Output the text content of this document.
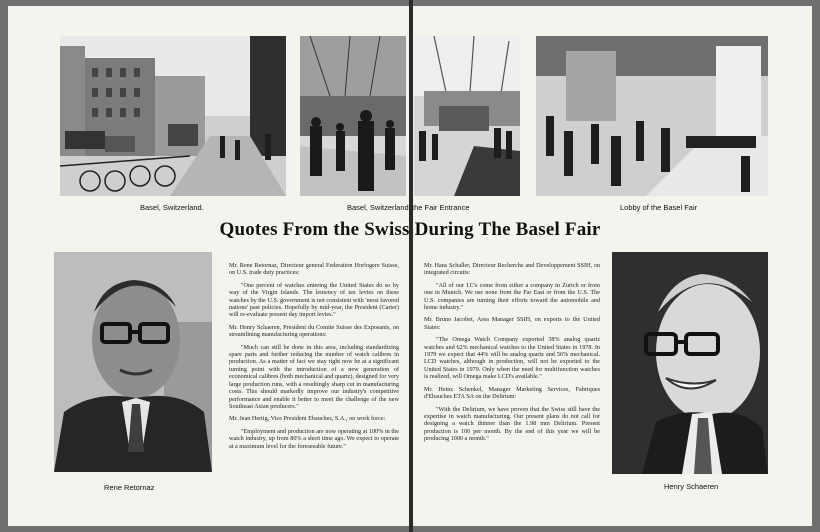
Basel, Switzerland.	Basel, Switzerland. the Fair Entrance	Lobby of the Basel Fair
Quotes From the Swiss During The Basel Fair
Rene Retornaz	Henry Schaeren

Mr. Rene Retornaz, Directeur general Federation Horlogere Suisse, on U.S. trade duty practices:

"One percent of watches entering the United States do so by way of the Virgin Islands. The leniency of tax levies on these watches by the U.S. government is not consistent with 'most favored nations' past policies. Hopefully by mid-year, the President (Carter) will re-evaluate present day import levies."

Mr. Henry Schaeren, President du Comite Suisse des Exposants, on streamlining manufacturing operations:

"Much can still be done in this area, including standardizing spare parts and further reducing the number of watch calibres in production. As a matter of fact we stay right now be at a significant turning point with the introduction of a new generation of economical calibres (both mechanical and quartz), designed for very large production runs, with a resultingly sharp cut in manufacturing costs. This should markedly improve our industry's competitive performance and enable it better to meet the challenge of the new Southeast Asian producers."

Mr. Jean Hertig, Vice President Ebauches, S.A., on work force:

"Employment and production are now operating at 100% in the watch industry, up from 80% a short time ago. We expect to operate at a maximum level for the foreseeable future."

Mr. Hans Schaller, Directeur Recherche and Developpement SSIH, on integrated circuits:

"All of our I.C's come from either a company in Zurich or from one in Munich. We use none from the Far East or from the U.S. The U.S. companies are turning their efforts toward the automobile and home industry."

Mr. Bruno Jacobet, Area Manager SSIH, on exports to the United States:

"The Omega Watch Company exported 38% analog quartz watches and 62% mechanical watches to the United States in 1978. In 1979 we expect that 44% will be analog quartz and 56% mechanical. LCD watches, although in production, will not be exported to the United States in 1979. Only when the need for multifunction watches is realized, will Omega make LCD's available."

Mr. Heinz Schenkel, Manager Marketing Services, Fabriques d'Ebauches ETA SA on the Delirium:

"With the Delirium, we have proven that the Swiss still have the expertise in watch manufacturing. Our present plans do not call for designing a watch thinner than the 1.98 mm Delirium. Present production is 100 per month. By the end of this year we will be producing 1000 a month."

32 Horological Times/June 1979	June 1979/Horological Times 33
